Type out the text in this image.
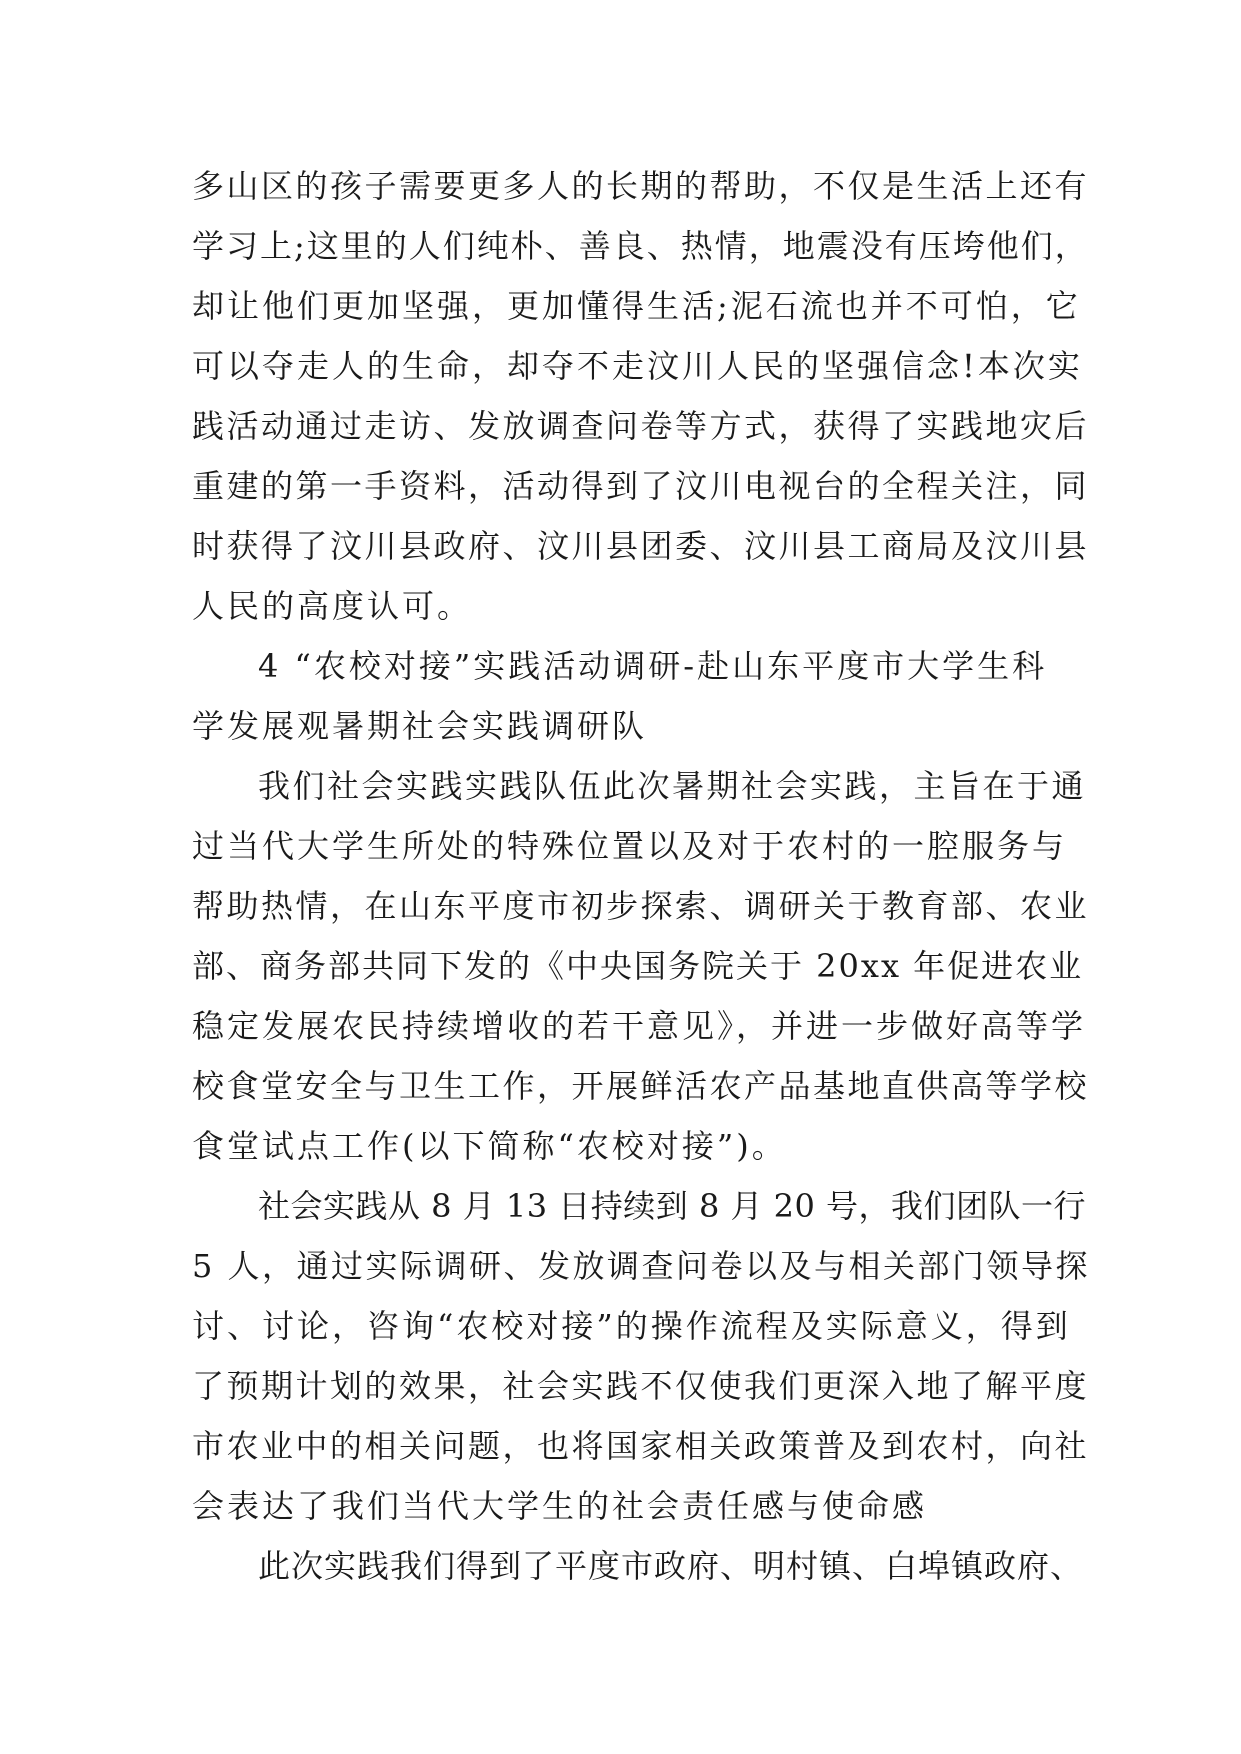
多山区的孩子需要更多人的长期的帮助，不仅是生活上还有
学习上;这里的人们纯朴、善良、热情，地震没有压垮他们，
却让他们更加坚强，更加懂得生活;泥石流也并不可怕，它
可以夺走人的生命，却夺不走汶川人民的坚强信念!本次实
践活动通过走访、发放调查问卷等方式，获得了实践地灾后
重建的第一手资料，活动得到了汶川电视台的全程关注，同
时获得了汶川县政府、汶川县团委、汶川县工商局及汶川县
人民的高度认可。
4 “农校对接”实践活动调研-赴山东平度市大学生科
学发展观暑期社会实践调研队
我们社会实践实践队伍此次暑期社会实践，主旨在于通
过当代大学生所处的特殊位置以及对于农村的一腔服务与
帮助热情，在山东平度市初步探索、调研关于教育部、农业
部、商务部共同下发的《中央国务院关于 20xx 年促进农业
稳定发展农民持续增收的若干意见》，并进一步做好高等学
校食堂安全与卫生工作，开展鲜活农产品基地直供高等学校
食堂试点工作(以下简称“农校对接”)。
社会实践从 8 月 13 日持续到 8 月 20 号，我们团队一行
5 人，通过实际调研、发放调查问卷以及与相关部门领导探
讨、讨论，咨询“农校对接”的操作流程及实际意义，得到
了预期计划的效果，社会实践不仅使我们更深入地了解平度
市农业中的相关问题，也将国家相关政策普及到农村，向社
会表达了我们当代大学生的社会责任感与使命感
此次实践我们得到了平度市政府、明村镇、白埠镇政府、
